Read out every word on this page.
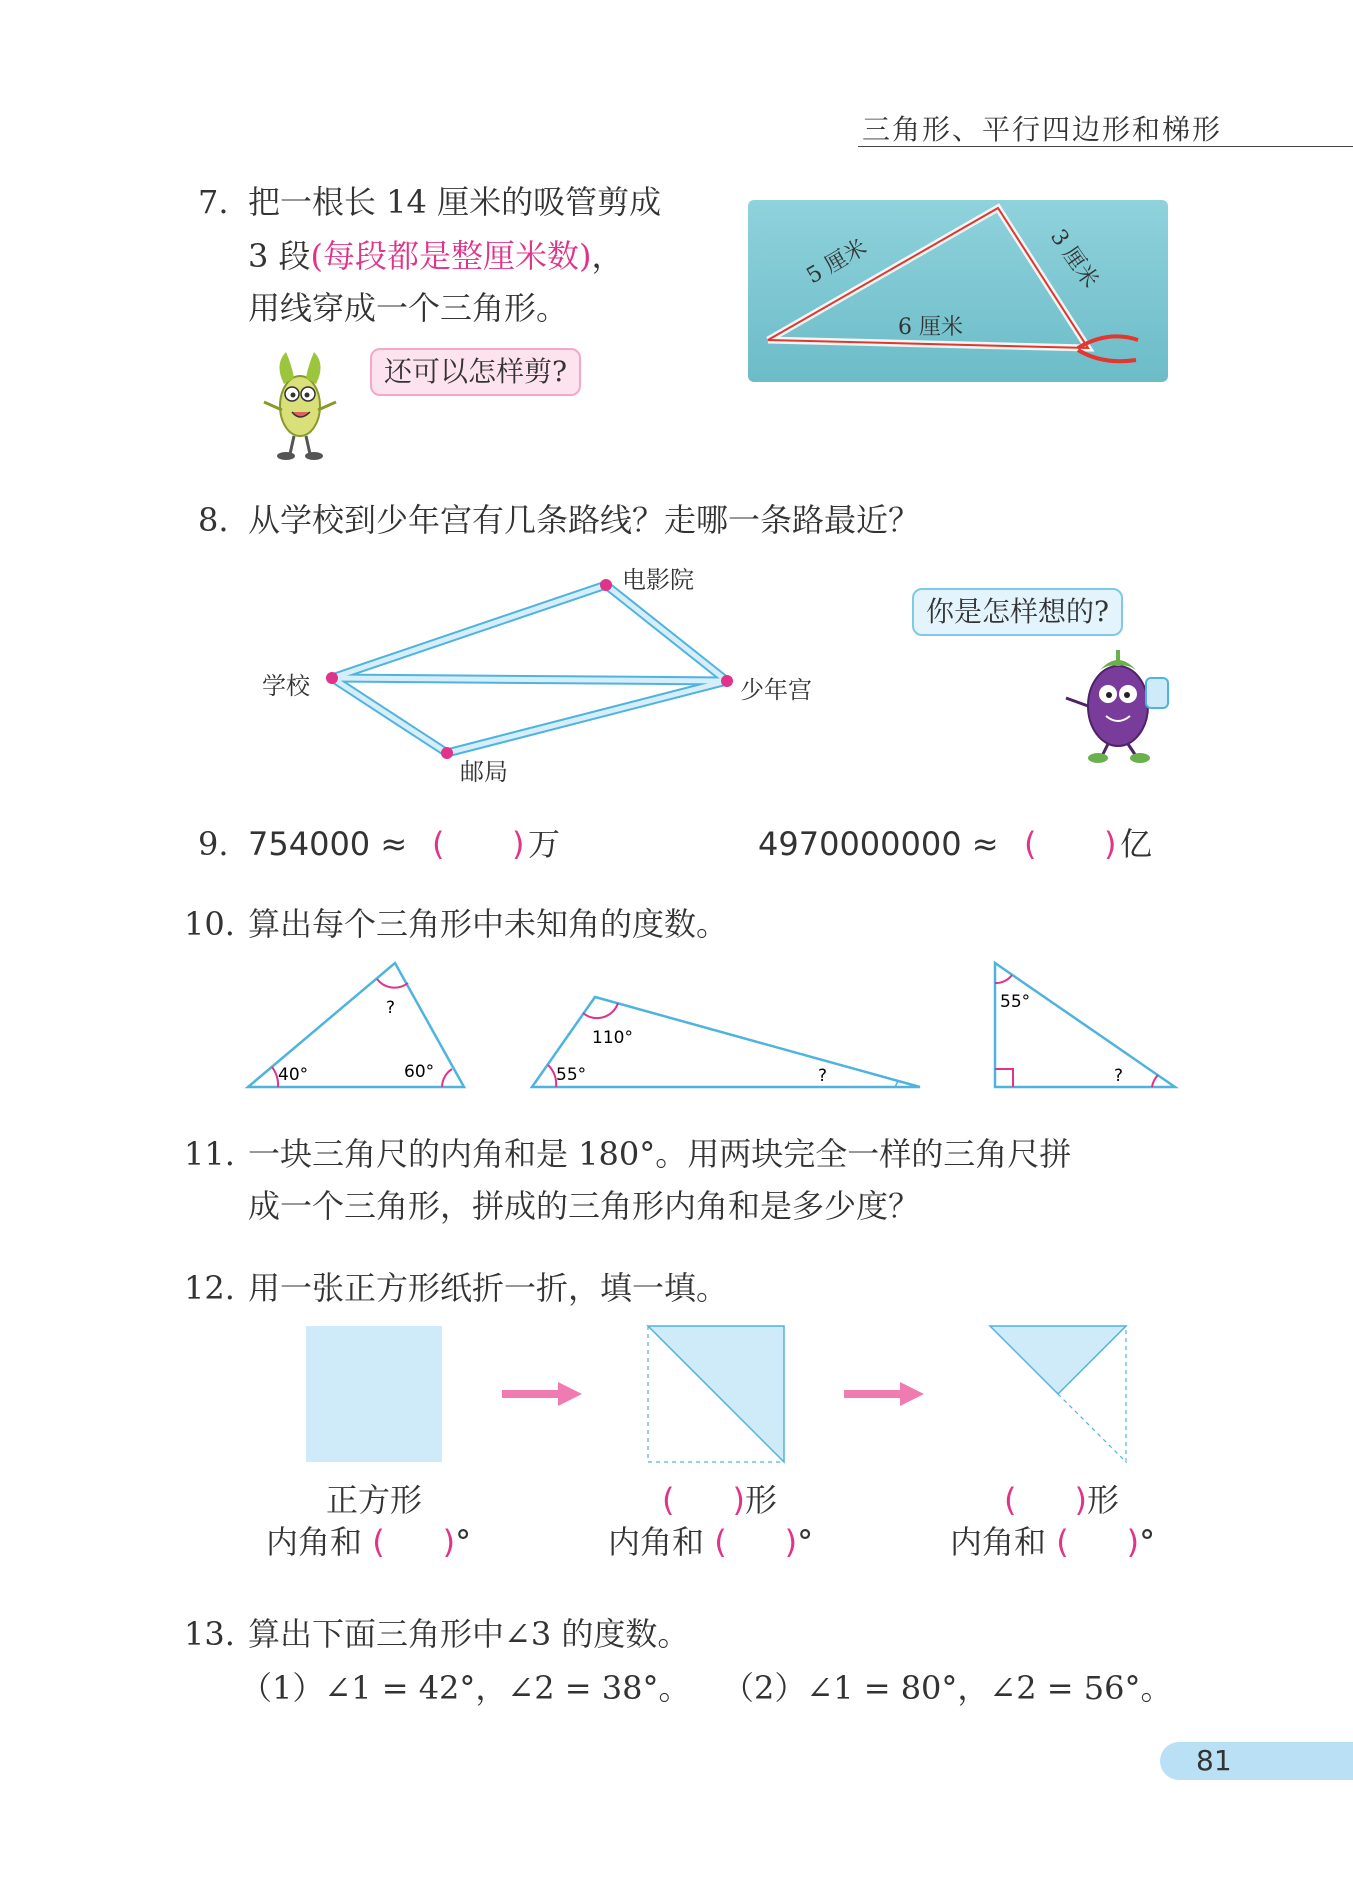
三角形、平行四边形和梯形
7. 把一根长 14 厘米的吸管剪成
3 段(每段都是整厘米数)，
用线穿成一个三角形。
还可以怎样剪?
5 厘米	3 厘米
6 厘米
8. 从学校到少年宫有几条路线？走哪一条路最近？
学校
电影院
少年宫
邮局
你是怎样想的?
9. 754000 ≈ ( ) 万	4970000000 ≈ ( ) 亿
10. 算出每个三角形中未知角的度数。
?
40°	60°
110°
55°	?
55°
?
11. 一块三角尺的内角和是 180°。用两块完全一样的三角尺拼
成一个三角形，拼成的三角形内角和是多少度？
12. 用一张正方形纸折一折，填一填。
正方形
内角和 ( )°
( )形
内角和 ( )°
( )形
内角和 ( )°
13. 算出下面三角形中∠3 的度数。
（1）∠1 = 42°，∠2 = 38°。 （2）∠1 = 80°，∠2 = 56°。
81
